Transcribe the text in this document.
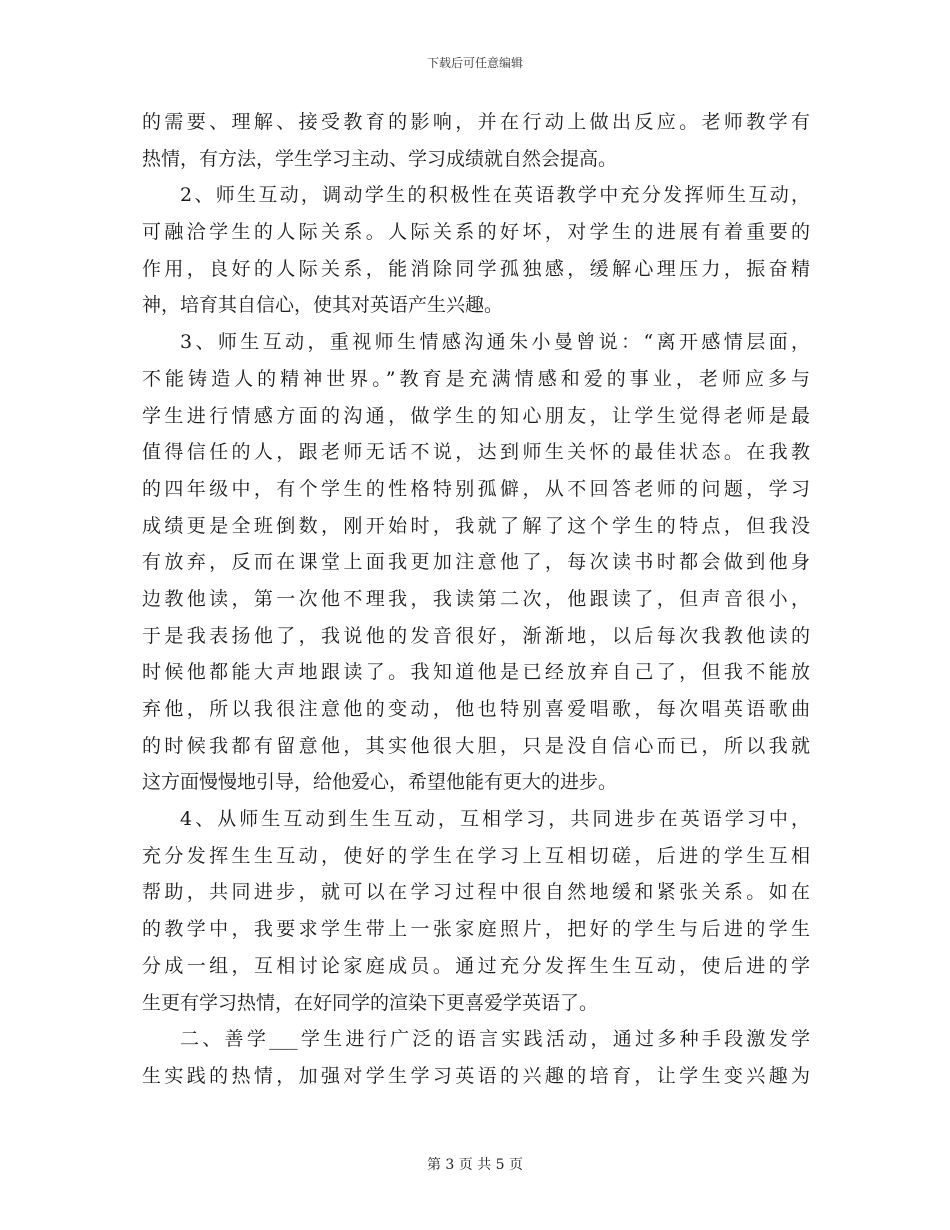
下载后可任意编辑
的需要、理解、接受教育的影响，并在行动上做出反应。老师教学有
热情，有方法，学生学习主动、学习成绩就自然会提高。
2、师生互动，调动学生的积极性在英语教学中充分发挥师生互动，
可融洽学生的人际关系。人际关系的好坏，对学生的进展有着重要的
作用，良好的人际关系，能消除同学孤独感，缓解心理压力，振奋精
神，培育其自信心，使其对英语产生兴趣。
3、师生互动，重视师生情感沟通朱小曼曾说：“离开感情层面，
不能铸造人的精神世界。”教育是充满情感和爱的事业，老师应多与
学生进行情感方面的沟通，做学生的知心朋友，让学生觉得老师是最
值得信任的人，跟老师无话不说，达到师生关怀的最佳状态。在我教
的四年级中，有个学生的性格特别孤僻，从不回答老师的问题，学习
成绩更是全班倒数，刚开始时，我就了解了这个学生的特点，但我没
有放弃，反而在课堂上面我更加注意他了，每次读书时都会做到他身
边教他读，第一次他不理我，我读第二次，他跟读了，但声音很小，
于是我表扬他了，我说他的发音很好，渐渐地，以后每次我教他读的
时候他都能大声地跟读了。我知道他是已经放弃自己了，但我不能放
弃他，所以我很注意他的变动，他也特别喜爱唱歌，每次唱英语歌曲
的时候我都有留意他，其实他很大胆，只是没自信心而已，所以我就
这方面慢慢地引导，给他爱心，希望他能有更大的进步。
4、从师生互动到生生互动，互相学习，共同进步在英语学习中，
充分发挥生生互动，使好的学生在学习上互相切磋，后进的学生互相
帮助，共同进步，就可以在学习过程中很自然地缓和紧张关系。如在
的教学中，我要求学生带上一张家庭照片，把好的学生与后进的学生
分成一组，互相讨论家庭成员。通过充分发挥生生互动，使后进的学
生更有学习热情，在好同学的渲染下更喜爱学英语了。
二、善学___学生进行广泛的语言实践活动，通过多种手段激发学
生实践的热情，加强对学生学习英语的兴趣的培育，让学生变兴趣为
第 3 页 共 5 页
